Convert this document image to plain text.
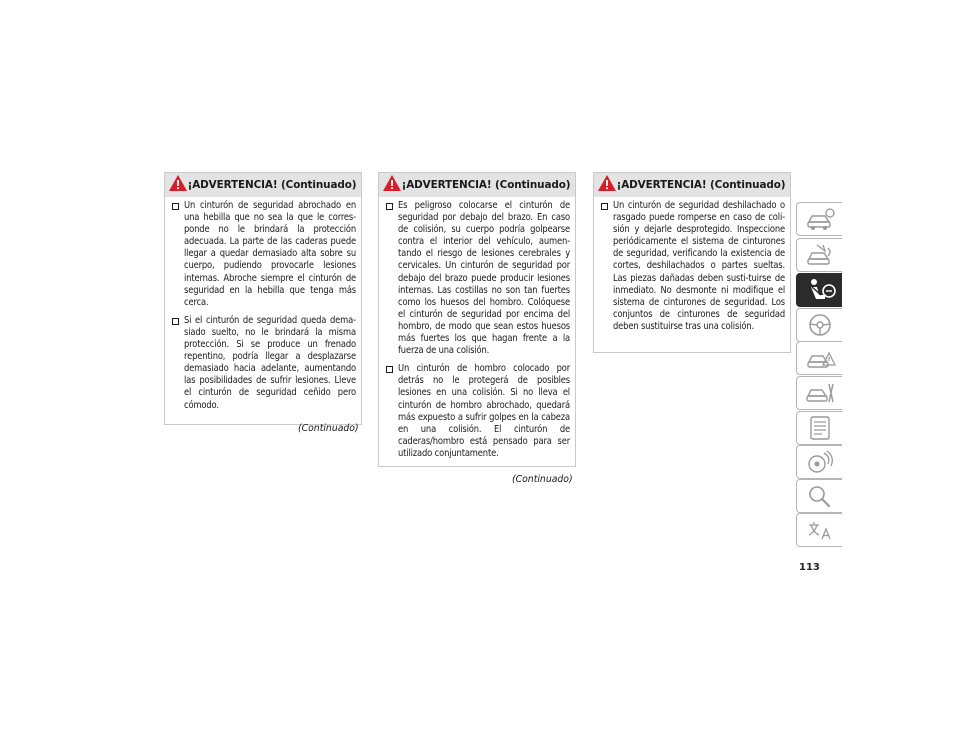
¡ADVERTENCIA! (Continuado)

Un cinturón de seguridad abrochado en una hebilla que no sea la que le corres-ponde no le brindará la protección adecuada. La parte de las caderas puede llegar a quedar demasiado alta sobre su cuerpo, pudiendo provocarle lesiones internas. Abroche siempre el cinturón de seguridad en la hebilla que tenga más cerca.

Si el cinturón de seguridad queda dema-siado suelto, no le brindará la misma protección. Si se produce un frenado repentino, podría llegar a desplazarse demasiado hacia adelante, aumentando las posibilidades de sufrir lesiones. Lleve el cinturón de seguridad ceñido pero cómodo.

(Continuado)
¡ADVERTENCIA! (Continuado)

Es peligroso colocarse el cinturón de seguridad por debajo del brazo. En caso de colisión, su cuerpo podría golpearse contra el interior del vehículo, aumen-tando el riesgo de lesiones cerebrales y cervicales. Un cinturón de seguridad por debajo del brazo puede producir lesiones internas. Las costillas no son tan fuertes como los huesos del hombro. Colóquese el cinturón de seguridad por encima del hombro, de modo que sean estos huesos más fuertes los que hagan frente a la fuerza de una colisión.

Un cinturón de hombro colocado por detrás no le protegerá de posibles lesiones en una colisión. Si no lleva el cinturón de hombro abrochado, quedará más expuesto a sufrir golpes en la cabeza en una colisión. El cinturón de caderas/hombro está pensado para ser utilizado conjuntamente.

(Continuado)
¡ADVERTENCIA! (Continuado)

Un cinturón de seguridad deshilachado o rasgado puede romperse en caso de coli-sión y dejarle desprotegido. Inspeccione periódicamente el sistema de cinturones de seguridad, verificando la existencia de cortes, deshilachados o partes sueltas. Las piezas dañadas deben susti-tuirse de inmediato. No desmonte ni modifique el sistema de cinturones de seguridad. Los conjuntos de cinturones de seguridad deben sustituirse tras una colisión.

113
